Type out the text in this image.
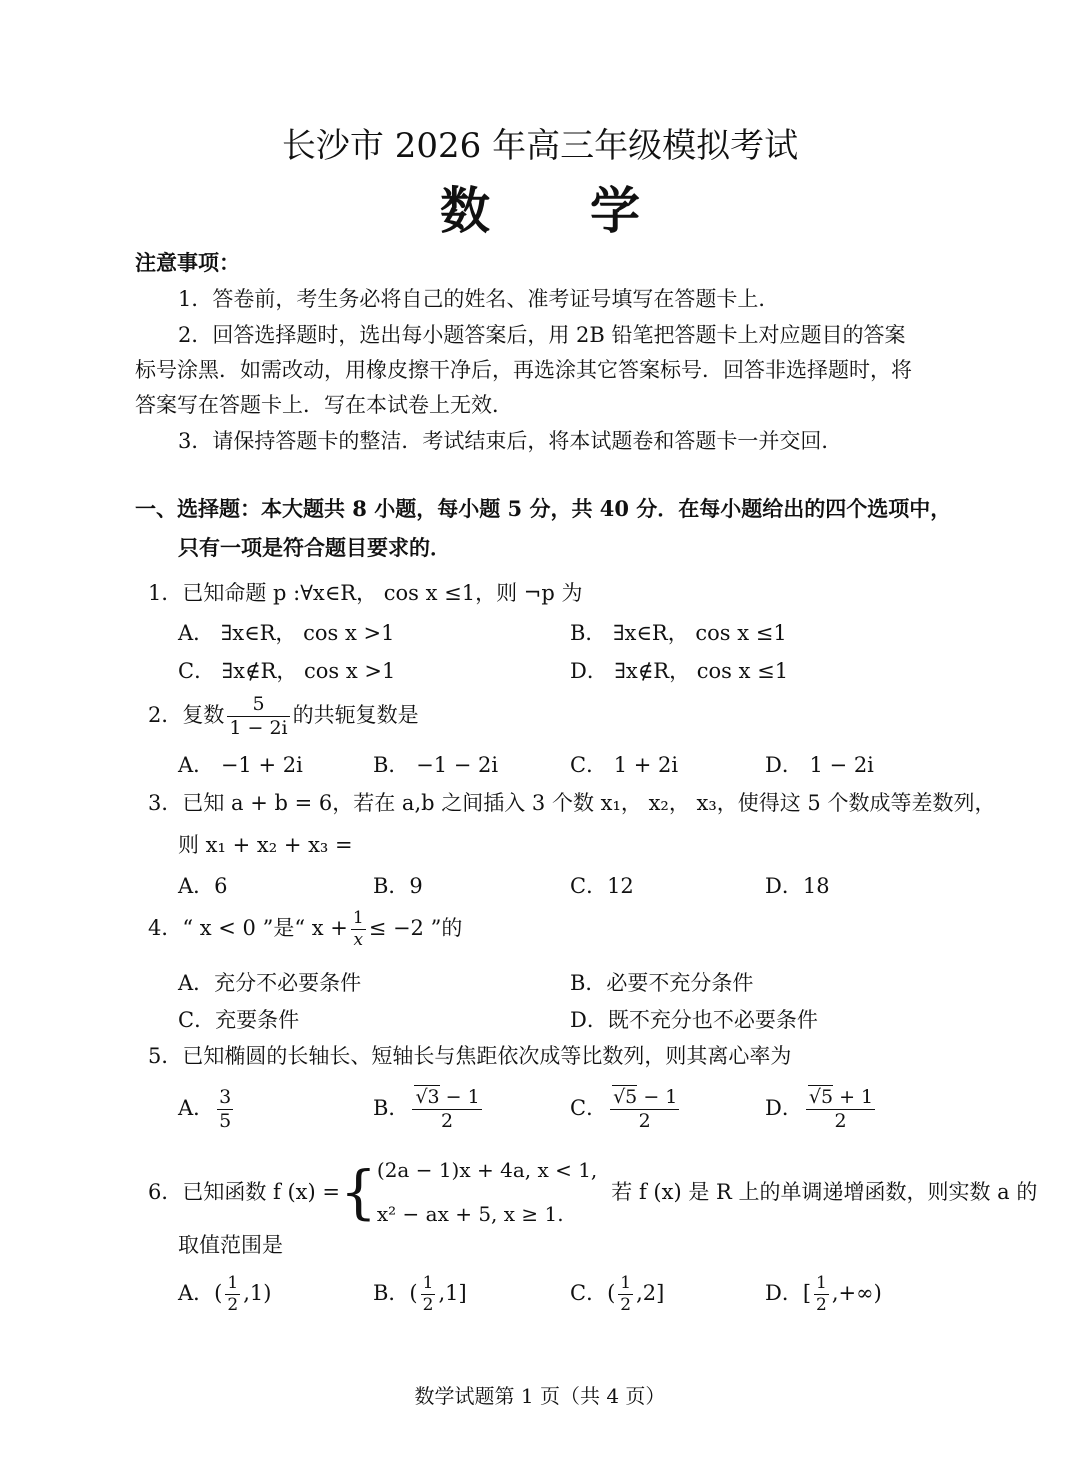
长沙市 2026 年高三年级模拟考试
数　　学
注意事项：
1．答卷前，考生务必将自己的姓名、准考证号填写在答题卡上．
2．回答选择题时，选出每小题答案后，用 2B 铅笔把答题卡上对应题目的答案
标号涂黑．如需改动，用橡皮擦干净后，再选涂其它答案标号．回答非选择题时，将
答案写在答题卡上．写在本试卷上无效．
3．请保持答题卡的整洁．考试结束后，将本试题卷和答题卡一并交回．
一、选择题：本大题共 8 小题，每小题 5 分，共 40 分．在每小题给出的四个选项中，
只有一项是符合题目要求的．
1．已知命题 p :∀x∈R， cos x ≤1，则 ¬p 为
A． ∃x∈R， cos x >1	B． ∃x∈R， cos x ≤1
C． ∃x∉R， cos x >1	D． ∃x∉R， cos x ≤1
2．复数 $\frac{5}{1 - 2i}$ 的共轭复数是
A． −1 + 2i	B． −1 − 2i	C． 1 + 2i	D． 1 − 2i
3．已知 a + b = 6，若在 a,b 之间插入 3 个数 x₁， x₂， x₃，使得这 5 个数成等差数列，
则 x₁ + x₂ + x₃ =
A．6	B．9	C．12	D．18
4．“ x < 0 ”是“ $x + \frac{1}{x} \le -2$ ”的
A．充分不必要条件	B．必要不充分条件
C．充要条件	D．既不充分也不必要条件
5．已知椭圆的长轴长、短轴长与焦距依次成等比数列，则其离心率为
A． $\frac{3}{5}$	B． $\frac{√3 - 1}{2}$	C． $\frac{√5 - 1}{2}$	D． $\frac{√5 + 1}{2}$
6．已知函数 f (x) ={ (2a − 1)x + 4a, x < 1,
x² − ax + 5, x ≥ 1.
若 f (x) 是 R 上的单调递增函数，则实数 a 的
取值范围是
A．( $\frac{1}{2} ,1$)	B．( $\frac{1}{2} ,1$]	C．( $\frac{1}{2} ,2$]	D．[ $\frac{1}{2}$ ,+∞)
数学试题第 1 页（共 4 页）
